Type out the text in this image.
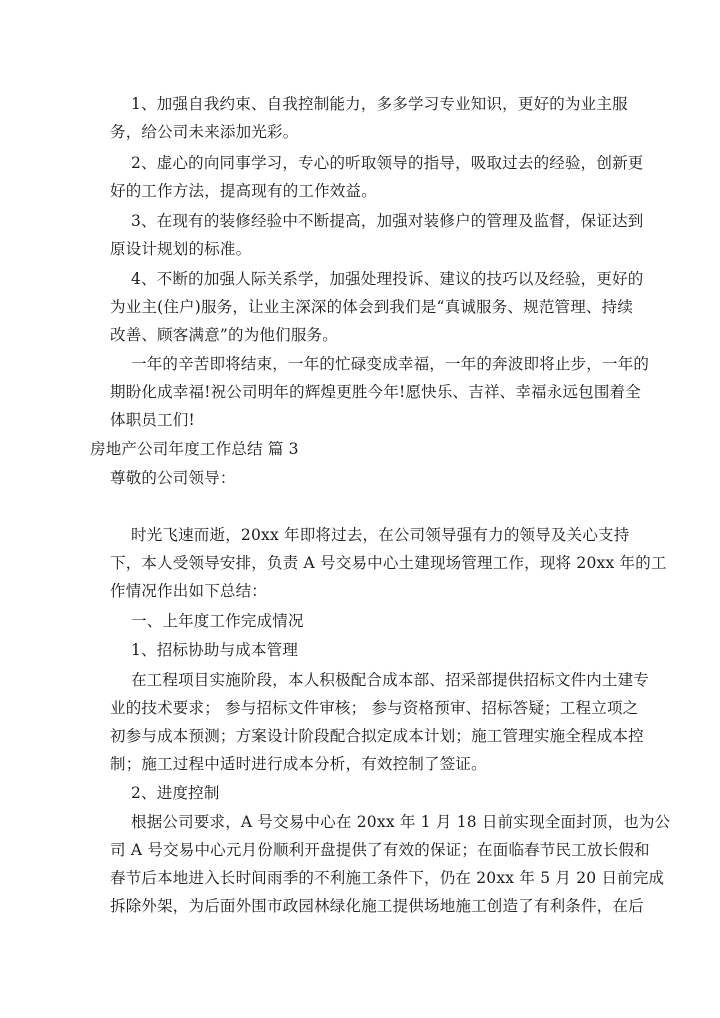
1、加强自我约束、自我控制能力，多多学习专业知识，更好的为业主服
务，给公司未来添加光彩。
2、虚心的向同事学习，专心的听取领导的指导，吸取过去的经验，创新更
好的工作方法，提高现有的工作效益。
3、在现有的装修经验中不断提高，加强对装修户的管理及监督，保证达到
原设计规划的标准。
4、不断的加强人际关系学，加强处理投诉、建议的技巧以及经验，更好的
为业主(住户)服务，让业主深深的体会到我们是“真诚服务、规范管理、持续
改善、顾客满意”的为他们服务。
一年的辛苦即将结束，一年的忙碌变成幸福，一年的奔波即将止步，一年的
期盼化成幸福!祝公司明年的辉煌更胜今年!愿快乐、吉祥、幸福永远包围着全
体职员工们!
房地产公司年度工作总结 篇 3
尊敬的公司领导：
时光飞速而逝，20xx 年即将过去，在公司领导强有力的领导及关心支持
下，本人受领导安排，负责 A 号交易中心土建现场管理工作，现将 20xx 年的工
作情况作出如下总结：
一、上年度工作完成情况
1、招标协助与成本管理
在工程项目实施阶段，本人积极配合成本部、招采部提供招标文件内土建专
业的技术要求； 参与招标文件审核； 参与资格预审、招标答疑；工程立项之
初参与成本预测；方案设计阶段配合拟定成本计划；施工管理实施全程成本控
制；施工过程中适时进行成本分析，有效控制了签证。
2、进度控制
根据公司要求，A 号交易中心在 20xx 年 1 月 18 日前实现全面封顶，也为公
司 A 号交易中心元月份顺利开盘提供了有效的保证；在面临春节民工放长假和
春节后本地进入长时间雨季的不利施工条件下，仍在 20xx 年 5 月 20 日前完成
拆除外架，为后面外围市政园林绿化施工提供场地施工创造了有利条件，在后
